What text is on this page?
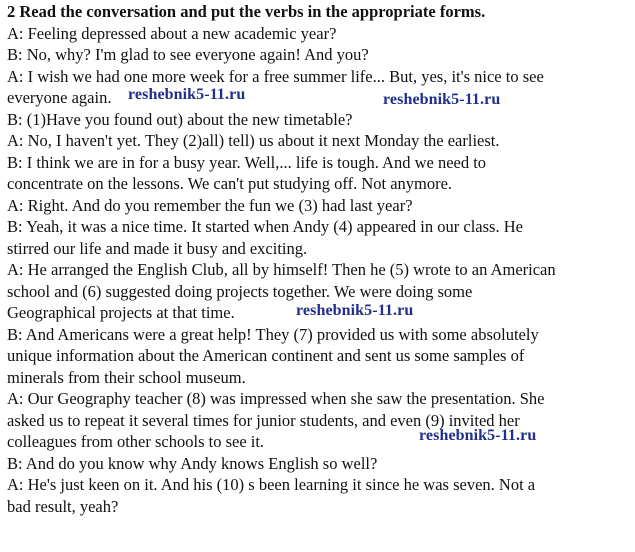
2 Read the conversation and put the verbs in the appropriate forms.

A: Feeling depressed about a new academic year?

B: No, why? I'm glad to see everyone again! And you?

A: I wish we had one more week for a free summer life... But, yes, it's nice to see

everyone again.

B: (1)Have you found out) about the new timetable?

A: No, I haven't yet. They (2)all) tell) us about it next Monday the earliest.

B: I think we are in for a busy year. Well,... life is tough. And we need to

concentrate on the lessons. We can't put studying off. Not anymore.

A: Right. And do you remember the fun we (3) had last year?

B: Yeah, it was a nice time. It started when Andy (4) appeared in our class. He

stirred our life and made it busy and exciting.

A: He arranged the English Club, all by himself! Then he (5) wrote to an American

school and (6) suggested doing projects together. We were doing some

Geographical projects at that time.

B: And Americans were a great help! They (7) provided us with some absolutely

unique information about the American continent and sent us some samples of

minerals from their school museum.

A: Our Geography teacher (8) was impressed when she saw the presentation. She

asked us to repeat it several times for junior students, and even (9) invited her

colleagues from other schools to see it.

B: And do you know why Andy knows English so well?

A: He's just keen on it. And his (10) s been learning it since he was seven. Not a

bad result, yeah?

reshebnik5-11.ru	reshebnik5-11.ru
reshebnik5-11.ru
reshebnik5-11.ru
